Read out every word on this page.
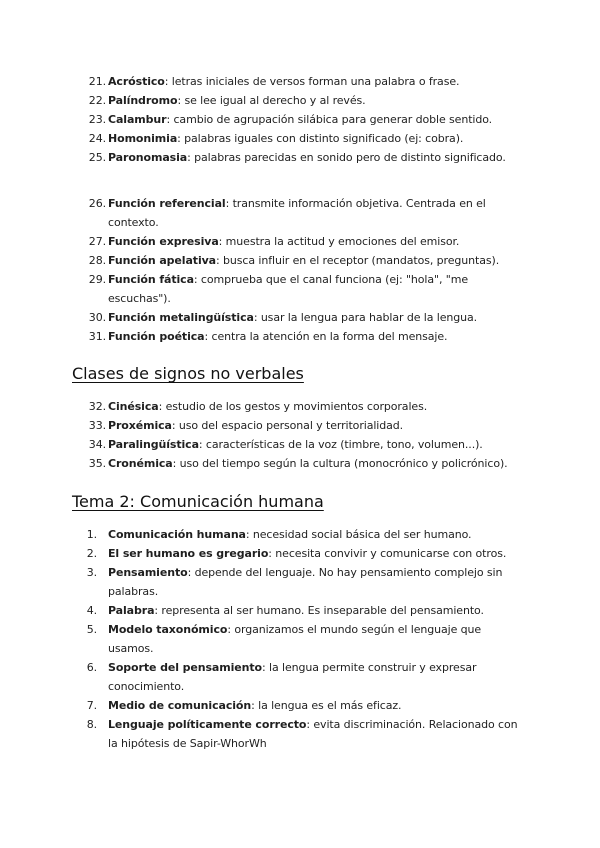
21. Acróstico: letras iniciales de versos forman una palabra o frase.
22. Palíndromo: se lee igual al derecho y al revés.
23. Calambur: cambio de agrupación silábica para generar doble sentido.
24. Homonimia: palabras iguales con distinto significado (ej: cobra).
25. Paronomasia: palabras parecidas en sonido pero de distinto significado.
26. Función referencial: transmite información objetiva. Centrada en el contexto.
27. Función expresiva: muestra la actitud y emociones del emisor.
28. Función apelativa: busca influir en el receptor (mandatos, preguntas).
29. Función fática: comprueba que el canal funciona (ej: "hola", "me escuchas").
30. Función metalingüística: usar la lengua para hablar de la lengua.
31. Función poética: centra la atención en la forma del mensaje.
Clases de signos no verbales
32. Cinésica: estudio de los gestos y movimientos corporales.
33. Proxémica: uso del espacio personal y territorialidad.
34. Paralingüística: características de la voz (timbre, tono, volumen...).
35. Cronémica: uso del tiempo según la cultura (monocrónico y policrónico).
Tema 2: Comunicación humana
1.	Comunicación humana: necesidad social básica del ser humano.
2.	El ser humano es gregario: necesita convivir y comunicarse con otros.
3.	Pensamiento: depende del lenguaje. No hay pensamiento complejo sin palabras.
4.	Palabra: representa al ser humano. Es inseparable del pensamiento.
5.	Modelo taxonómico: organizamos el mundo según el lenguaje que usamos.
6.	Soporte del pensamiento: la lengua permite construir y expresar conocimiento.
7.	Medio de comunicación: la lengua es el más eficaz.
8.	Lenguaje políticamente correcto: evita discriminación. Relacionado con la hipótesis de Sapir-WhorWh
